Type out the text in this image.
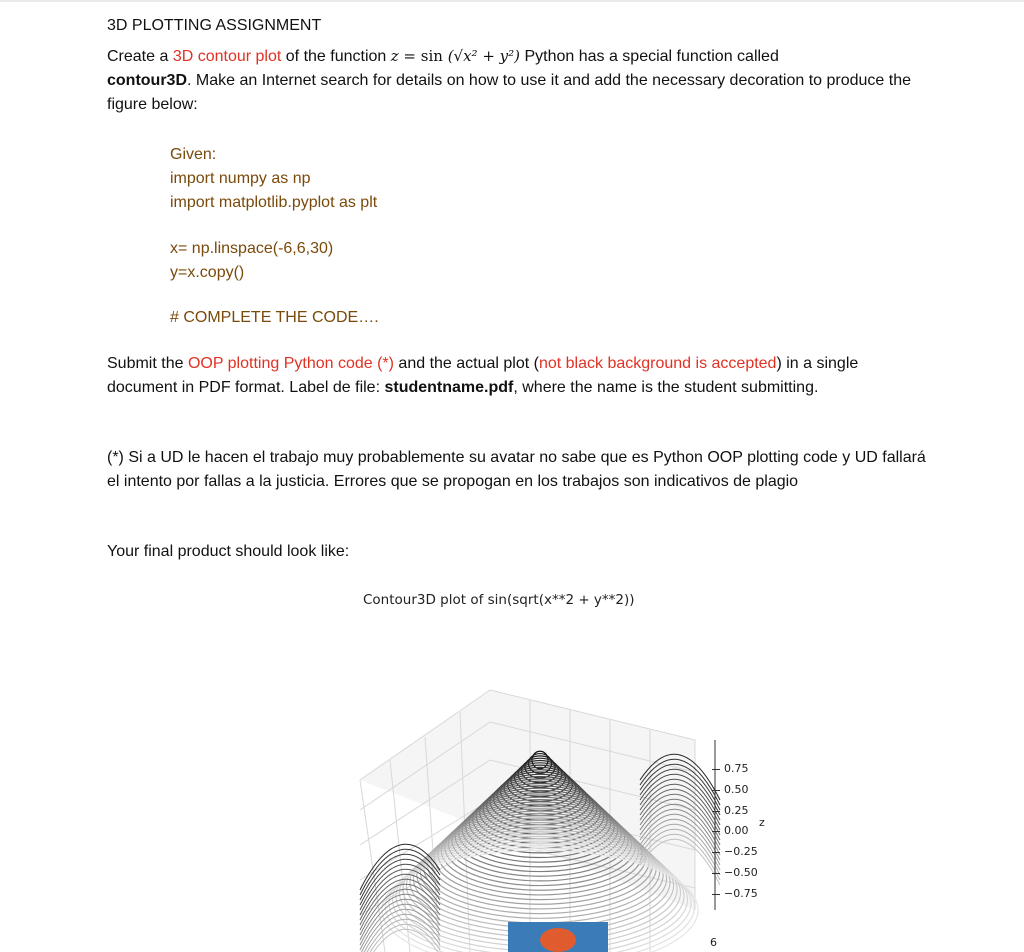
3D PLOTTING ASSIGNMENT

Create a 3D contour plot of the function z = sin (√x² + y²) Python has a special function called
contour3D. Make an Internet search for details on how to use it and add the necessary decoration to produce the figure below:

Given:
import numpy as np
import matplotlib.pyplot as plt
x= np.linspace(-6,6,30)
y=x.copy()
# COMPLETE THE CODE….

Submit the OOP plotting Python code (*) and the actual plot (not black background is accepted) in a single document in PDF format. Label de file: studentname.pdf, where the name is the student submitting.

(*) Si a UD le hacen el trabajo muy probablemente su avatar no sabe que es Python OOP plotting code y UD fallará el intento por fallas a la justicia. Errores que se propogan en los trabajos son indicativos de plagio

Your final product should look like:

Contour3D plot of sin(sqrt(x**2 + y**2))
0.75
0.50
0.25
0.00
−0.25
−0.50
−0.75
z
6
